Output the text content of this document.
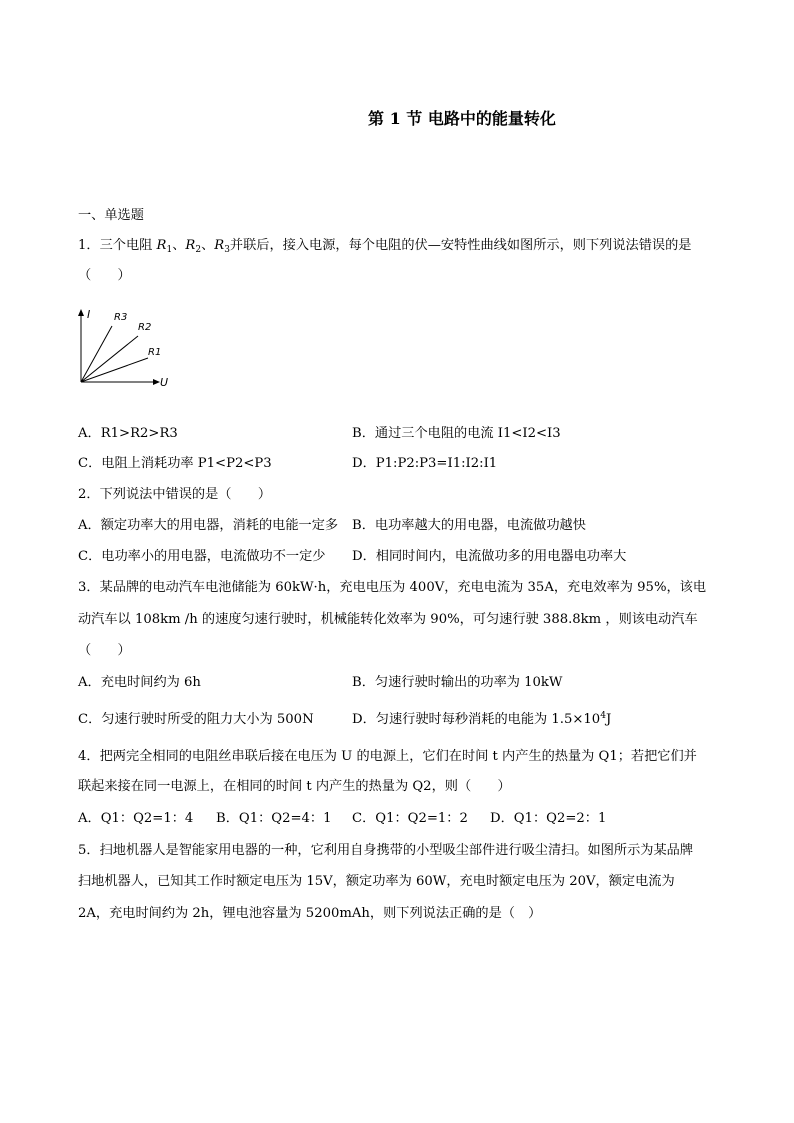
第 1 节 电路中的能量转化
一、单选题
1．三个电阻 $R_1$、$R_2$、$R_3$并联后，接入电源，每个电阻的伏—安特性曲线如图所示，则下列说法错误的是
（　　）
I
U
R3
R2
R1
A．R1>R2>R3	B．通过三个电阻的电流 I1<I2<I3
C．电阻上消耗功率 P1<P2<P3	D．P1:P2:P3=I1:I2:I1
2．下列说法中错误的是（　　）
A．额定功率大的用电器，消耗的电能一定多 B．电功率越大的用电器，电流做功越快
C．电功率小的用电器，电流做功不一定少 D．相同时间内，电流做功多的用电器电功率大
3．某品牌的电动汽车电池储能为 60kW·h，充电电压为 400V，充电电流为 35A，充电效率为 95%，该电
动汽车以 108km /h 的速度匀速行驶时，机械能转化效率为 90%，可匀速行驶 388.8km ，则该电动汽车
（　　）
A．充电时间约为 6h	B．匀速行驶时输出的功率为 10kW
C．匀速行驶时所受的阻力大小为 500N	D．匀速行驶时每秒消耗的电能为 $1.5\times 10^4J$
4．把两完全相同的电阻丝串联后接在电压为 U 的电源上，它们在时间 t 内产生的热量为 Q1；若把它们并
联起来接在同一电源上，在相同的时间 t 内产生的热量为 Q2，则（　　）
A．Q1：Q2=1：4 B．Q1：Q2=4：1 C．Q1：Q2=1：2 D．Q1：Q2=2：1
5．扫地机器人是智能家用电器的一种，它利用自身携带的小型吸尘部件进行吸尘清扫。如图所示为某品牌
扫地机器人，已知其工作时额定电压为 15V，额定功率为 60W，充电时额定电压为 20V，额定电流为
2A，充电时间约为 2h，锂电池容量为 5200mAh，则下列说法正确的是（　）
